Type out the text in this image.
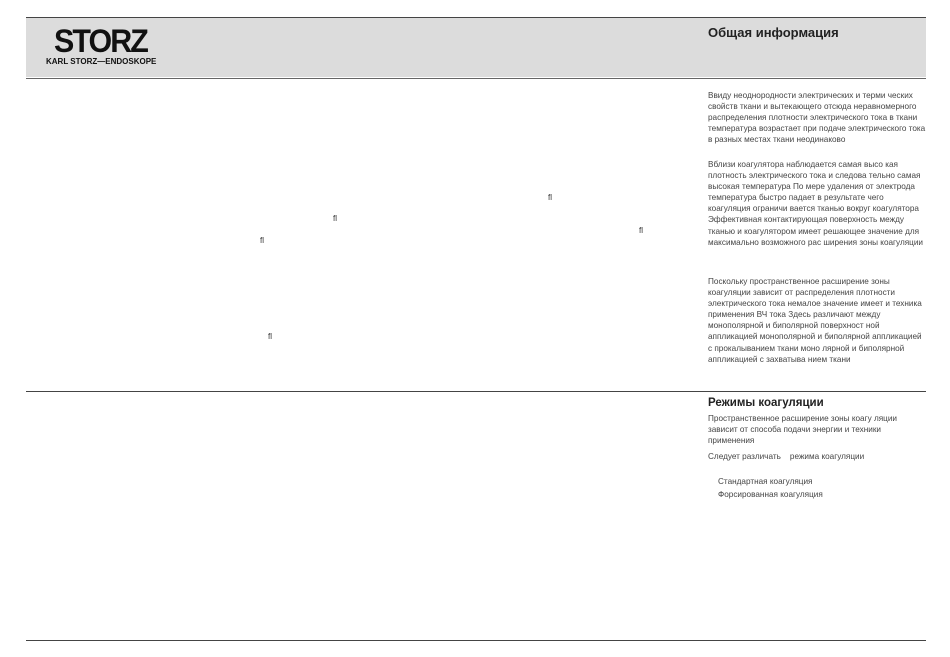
STORZ
KARL STORZ—ENDOSKOPE
Общая информация
Ввиду неоднородности электрических и терми ческих свойств ткани и вытекающего отсюда неравномерного распределения плотности электрического тока в ткани температура возрастает при подаче электрического тока в разных местах ткани неодинаково
Вблизи коагулятора наблюдается самая высо кая плотность электрического тока и следова тельно самая высокая температура По мере удаления от электрода температура быстро падает в результате чего коагуляция ограничи вается тканью вокруг коагулятора Эффективная контактирующая поверхность между тканью и коагулятором имеет решающее значение для максимально возможного рас ширения зоны коагуляции
Поскольку пространственное расширение зоны коагуляции зависит от распределения плотности электрического тока немалое значение имеет и техника применения ВЧ тока Здесь различают между монополярной и биполярной поверхност ной аппликацией монополярной и биполярной аппликацией с прокалыванием ткани моно лярной и биполярной аппликацией с захватыва нием ткани
Режимы коагуляции
Пространственное расширение зоны коагу ляции зависит от способа подачи энергии и техники применения
Следует различать    режима коагуляции
Стандартная коагуляция
Форсированная коагуляция
ﬂ
ﬂ
ﬂ
ﬂ
ﬂ
